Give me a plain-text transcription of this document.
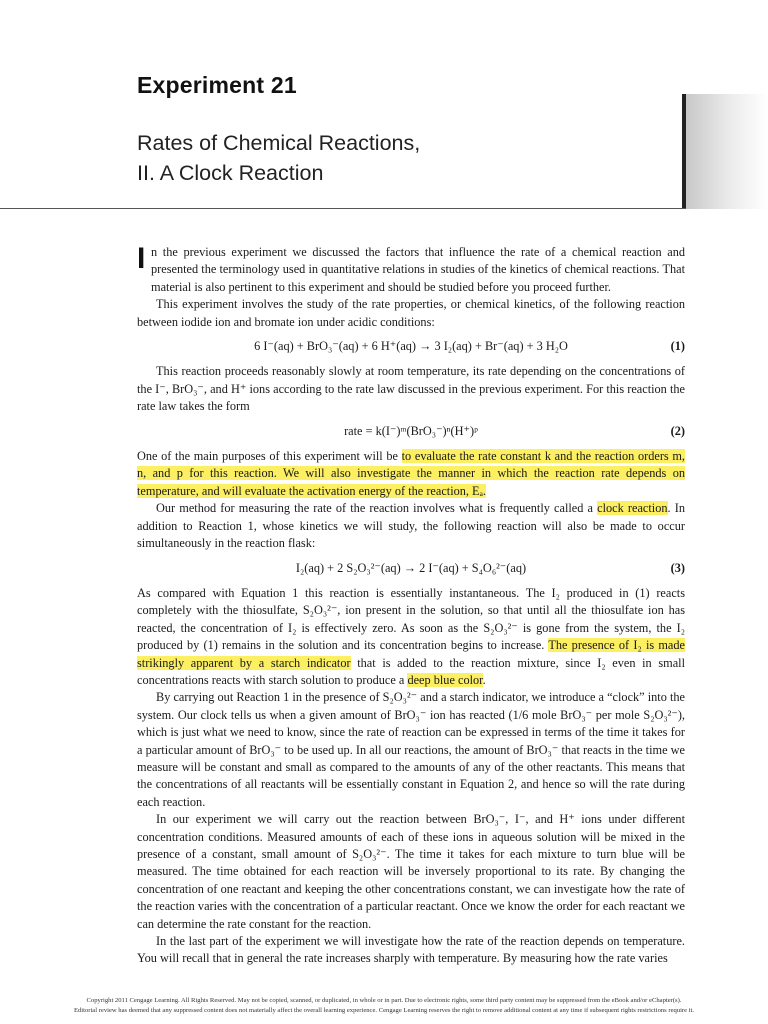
Experiment 21
Rates of Chemical Reactions,
II. A Clock Reaction

I n the previous experiment we discussed the factors that influence the rate of a chemical reaction and presented the terminology used in quantitative relations in studies of the kinetics of chemical reactions. That material is also pertinent to this experiment and should be studied before you proceed further.

This experiment involves the study of the rate properties, or chemical kinetics, of the following reaction between iodide ion and bromate ion under acidic conditions:

6 I⁻(aq) + BrO₃⁻(aq) + 6 H⁺(aq) → 3 I₂(aq) + Br⁻(aq) + 3 H₂O	(1)

This reaction proceeds reasonably slowly at room temperature, its rate depending on the concentrations of the I⁻, BrO₃⁻, and H⁺ ions according to the rate law discussed in the previous experiment. For this reaction the rate law takes the form

rate = k(I⁻)ᵐ(BrO₃⁻)ⁿ(H⁺)ᵖ	(2)

One of the main purposes of this experiment will be to evaluate the rate constant k and the reaction orders m, n, and p for this reaction. We will also investigate the manner in which the reaction rate depends on temperature, and will evaluate the activation energy of the reaction, Eₐ.

Our method for measuring the rate of the reaction involves what is frequently called a clock reaction. In addition to Reaction 1, whose kinetics we will study, the following reaction will also be made to occur simultaneously in the reaction flask:

I₂(aq) + 2 S₂O₃²⁻(aq) → 2 I⁻(aq) + S₄O₆²⁻(aq)	(3)

As compared with Equation 1 this reaction is essentially instantaneous. The I₂ produced in (1) reacts completely with the thiosulfate, S₂O₃²⁻, ion present in the solution, so that until all the thiosulfate ion has reacted, the concentration of I₂ is effectively zero. As soon as the S₂O₃²⁻ is gone from the system, the I₂ produced by (1) remains in the solution and its concentration begins to increase. The presence of I₂ is made strikingly apparent by a starch indicator that is added to the reaction mixture, since I₂ even in small concentrations reacts with starch solution to produce a deep blue color.

By carrying out Reaction 1 in the presence of S₂O₃²⁻ and a starch indicator, we introduce a “clock” into the system. Our clock tells us when a given amount of BrO₃⁻ ion has reacted (1/6 mole BrO₃⁻ per mole S₂O₃²⁻), which is just what we need to know, since the rate of reaction can be expressed in terms of the time it takes for a particular amount of BrO₃⁻ to be used up. In all our reactions, the amount of BrO₃⁻ that reacts in the time we measure will be constant and small as compared to the amounts of any of the other reactants. This means that the concentrations of all reactants will be essentially constant in Equation 2, and hence so will the rate during each reaction.

In our experiment we will carry out the reaction between BrO₃⁻, I⁻, and H⁺ ions under different concentration conditions. Measured amounts of each of these ions in aqueous solution will be mixed in the presence of a constant, small amount of S₂O₃²⁻. The time it takes for each mixture to turn blue will be measured. The time obtained for each reaction will be inversely proportional to its rate. By changing the concentration of one reactant and keeping the other concentrations constant, we can investigate how the rate of the reaction varies with the concentration of a particular reactant. Once we know the order for each reactant we can determine the rate constant for the reaction.

In the last part of the experiment we will investigate how the rate of the reaction depends on temperature. You will recall that in general the rate increases sharply with temperature. By measuring how the rate varies

Copyright 2011 Cengage Learning. All Rights Reserved. May not be copied, scanned, or duplicated, in whole or in part. Due to electronic rights, some third party content may be suppressed from the eBook and/or eChapter(s).
Editorial review has deemed that any suppressed content does not materially affect the overall learning experience. Cengage Learning reserves the right to remove additional content at any time if subsequent rights restrictions require it.
